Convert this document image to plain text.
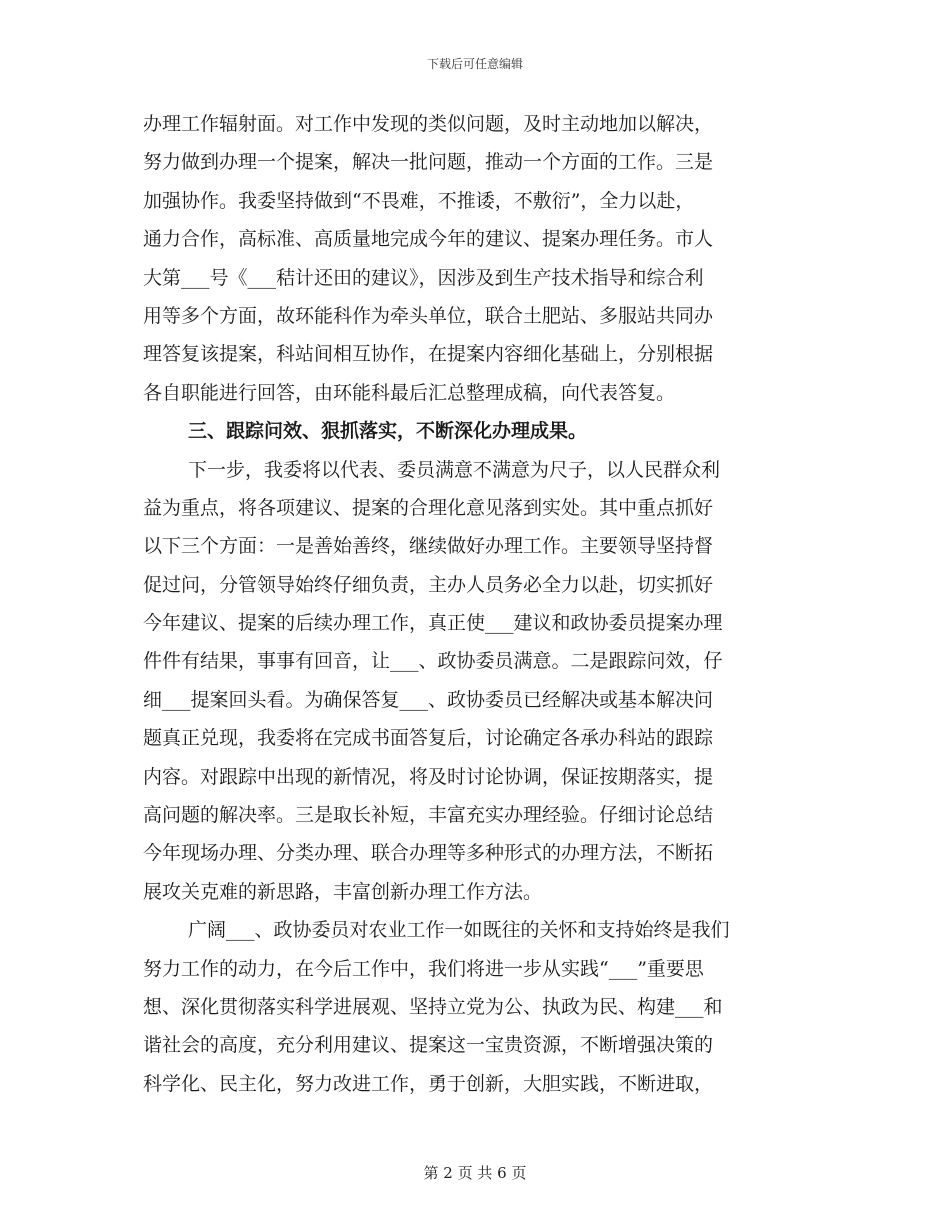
下载后可任意编辑
办理工作辐射面。对工作中发现的类似问题，及时主动地加以解决，
努力做到办理一个提案，解决一批问题，推动一个方面的工作。三是
加强协作。我委坚持做到“不畏难，不推诿，不敷衍”，全力以赴，
通力合作，高标准、高质量地完成今年的建议、提案办理任务。市人
大第___号《___秸计还田的建议》，因涉及到生产技术指导和综合利
用等多个方面，故环能科作为牵头单位，联合土肥站、多服站共同办
理答复该提案，科站间相互协作，在提案内容细化基础上，分别根据
各自职能进行回答，由环能科最后汇总整理成稿，向代表答复。
三、跟踪问效、狠抓落实，不断深化办理成果。
下一步，我委将以代表、委员满意不满意为尺子，以人民群众利
益为重点，将各项建议、提案的合理化意见落到实处。其中重点抓好
以下三个方面：一是善始善终，继续做好办理工作。主要领导坚持督
促过问，分管领导始终仔细负责，主办人员务必全力以赴，切实抓好
今年建议、提案的后续办理工作，真正使___建议和政协委员提案办理
件件有结果，事事有回音，让___、政协委员满意。二是跟踪问效，仔
细___提案回头看。为确保答复___、政协委员已经解决或基本解决问
题真正兑现，我委将在完成书面答复后，讨论确定各承办科站的跟踪
内容。对跟踪中出现的新情况，将及时讨论协调，保证按期落实，提
高问题的解决率。三是取长补短，丰富充实办理经验。仔细讨论总结
今年现场办理、分类办理、联合办理等多种形式的办理方法，不断拓
展攻关克难的新思路，丰富创新办理工作方法。
广阔___、政协委员对农业工作一如既往的关怀和支持始终是我们
努力工作的动力，在今后工作中，我们将进一步从实践“___”重要思
想、深化贯彻落实科学进展观、坚持立党为公、执政为民、构建___和
谐社会的高度，充分利用建议、提案这一宝贵资源，不断增强决策的
科学化、民主化，努力改进工作，勇于创新，大胆实践，不断进取，
第 2 页 共 6 页
